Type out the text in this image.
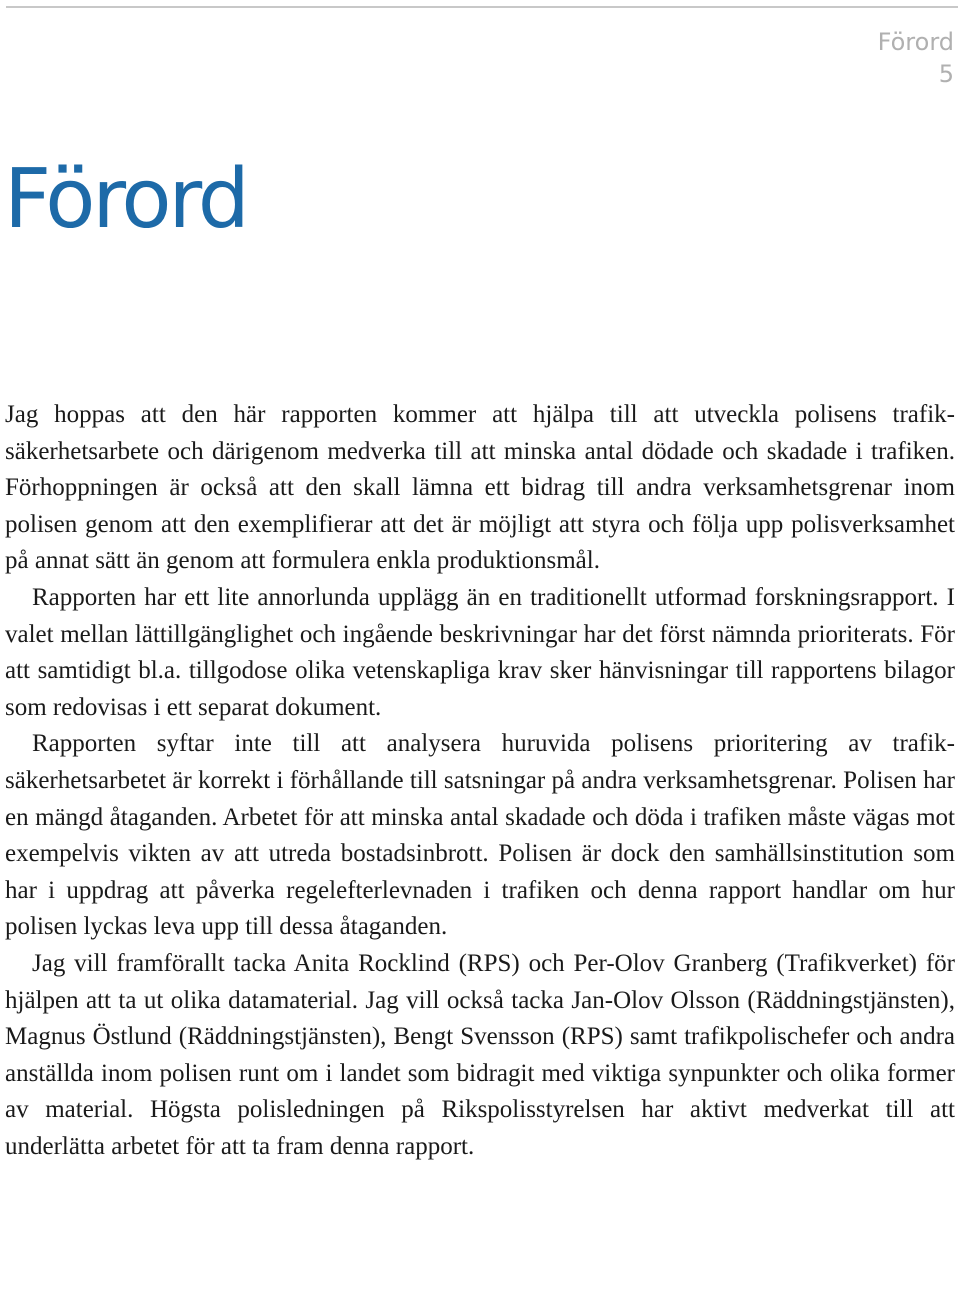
Förord
5
Förord

Jag hoppas att den här rapporten kommer att hjälpa till att utveckla polisens trafiksäkerhetsarbete och därigenom medverka till att minska antal dödade och skadade i trafiken. Förhoppningen är också att den skall lämna ett bidrag till andra verksamhetsgrenar inom polisen genom att den exemplifierar att det är möjligt att styra och följa upp polisverksamhet på annat sätt än genom att formulera enkla produktionsmål.

Rapporten har ett lite annorlunda upplägg än en traditionellt utformad forskningsrapport. I valet mellan lättillgänglighet och ingående beskrivningar har det först nämnda prioriterats. För att samtidigt bl.a. tillgodose olika vetenskapliga krav sker hänvisningar till rapportens bilagor som redovisas i ett separat dokument.

Rapporten syftar inte till att analysera huruvida polisens prioritering av trafiksäkerhetsarbetet är korrekt i förhållande till satsningar på andra verksamhetsgrenar. Polisen har en mängd åtaganden. Arbetet för att minska antal skadade och döda i trafiken måste vägas mot exempelvis vikten av att utreda bostadsinbrott. Polisen är dock den samhällsinstitution som har i uppdrag att påverka regelefterlevnaden i trafiken och denna rapport handlar om hur polisen lyckas leva upp till dessa åtaganden.

Jag vill framförallt tacka Anita Rocklind (RPS) och Per-Olov Granberg (Trafikverket) för hjälpen att ta ut olika datamaterial. Jag vill också tacka Jan-Olov Olsson (Räddningstjänsten), Magnus Östlund (Räddningstjänsten), Bengt Svensson (RPS) samt trafikpolischefer och andra anställda inom polisen runt om i landet som bidragit med viktiga synpunkter och olika former av material. Högsta polisledningen på Rikspolisstyrelsen har aktivt medverkat till att underlätta arbetet för att ta fram denna rapport.
